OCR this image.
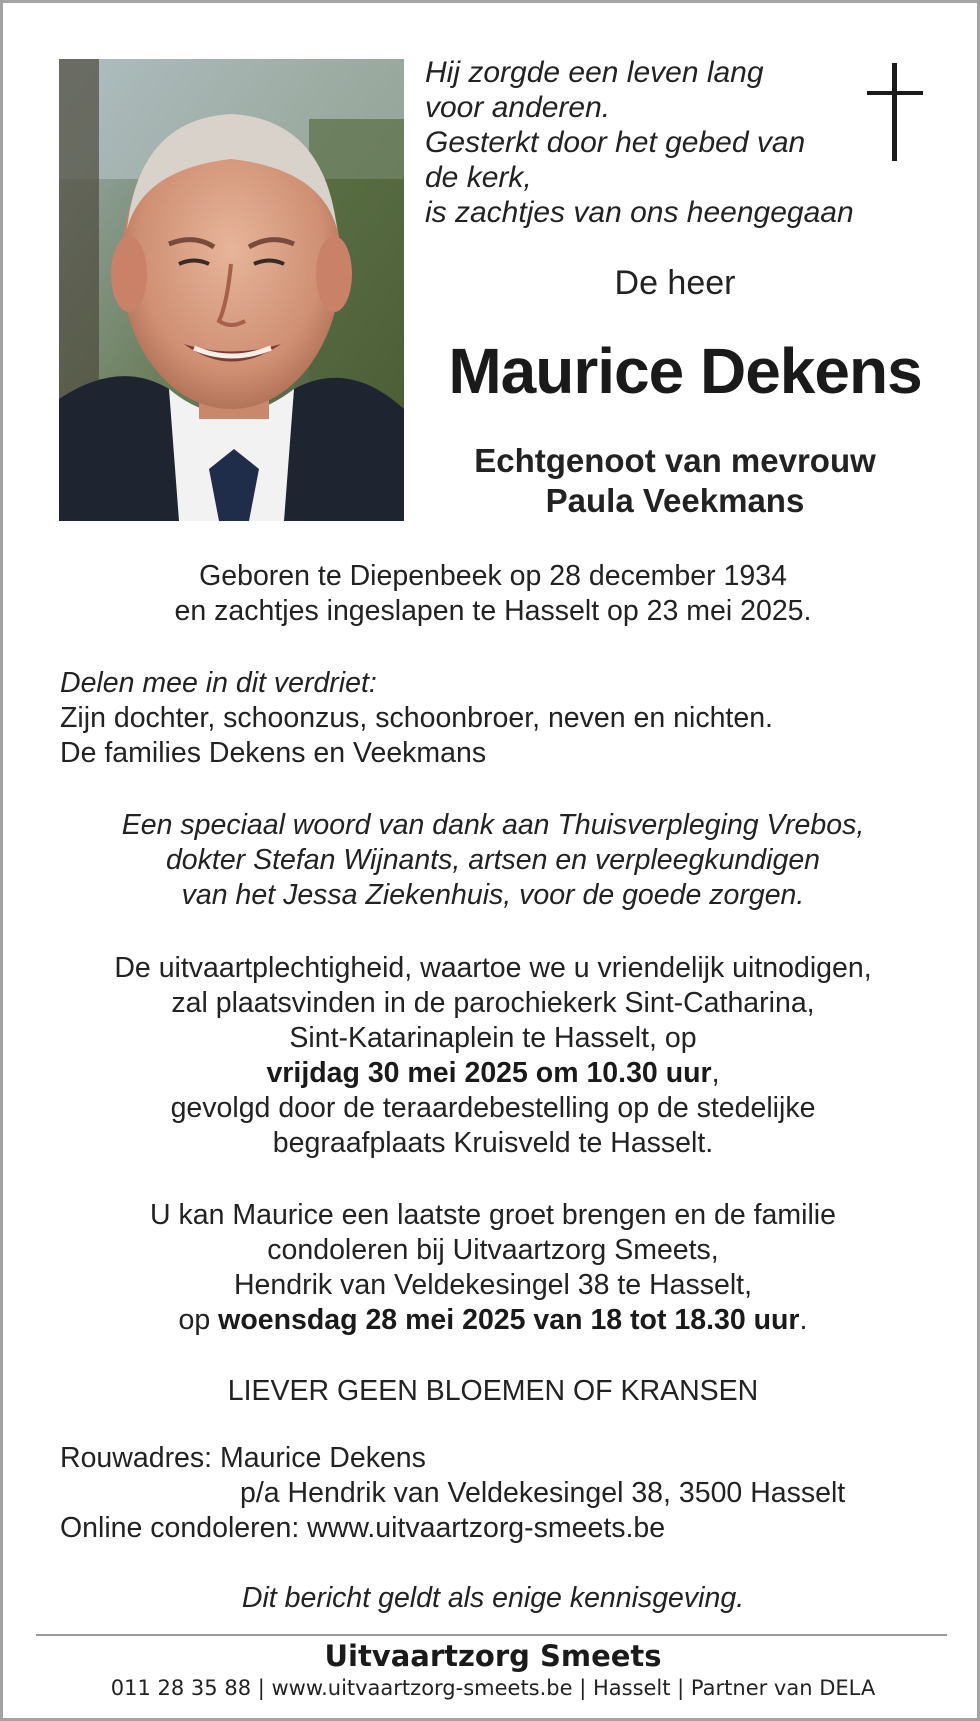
Hij zorgde een leven lang
voor anderen.
Gesterkt door het gebed van
de kerk,
is zachtjes van ons heengegaan
De heer
Maurice Dekens
Echtgenoot van mevrouw
Paula Veekmans
Geboren te Diepenbeek op 28 december 1934
en zachtjes ingeslapen te Hasselt op 23 mei 2025.
Delen mee in dit verdriet:
Zijn dochter, schoonzus, schoonbroer, neven en nichten.
De families Dekens en Veekmans
Een speciaal woord van dank aan Thuisverpleging Vrebos,
dokter Stefan Wijnants, artsen en verpleegkundigen
van het Jessa Ziekenhuis, voor de goede zorgen.
De uitvaartplechtigheid, waartoe we u vriendelijk uitnodigen,
zal plaatsvinden in de parochiekerk Sint-Catharina,
Sint-Katarinaplein te Hasselt, op
vrijdag 30 mei 2025 om 10.30 uur,
gevolgd door de teraardebestelling op de stedelijke
begraafplaats Kruisveld te Hasselt.
U kan Maurice een laatste groet brengen en de familie
condoleren bij Uitvaartzorg Smeets,
Hendrik van Veldekesingel 38 te Hasselt,
op woensdag 28 mei 2025 van 18 tot 18.30 uur.
LIEVER GEEN BLOEMEN OF KRANSEN
Rouwadres: Maurice Dekens
p/a Hendrik van Veldekesingel 38, 3500 Hasselt
Online condoleren: www.uitvaartzorg-smeets.be
Dit bericht geldt als enige kennisgeving.
Uitvaartzorg Smeets
011 28 35 88 | www.uitvaartzorg-smeets.be | Hasselt | Partner van DELA
